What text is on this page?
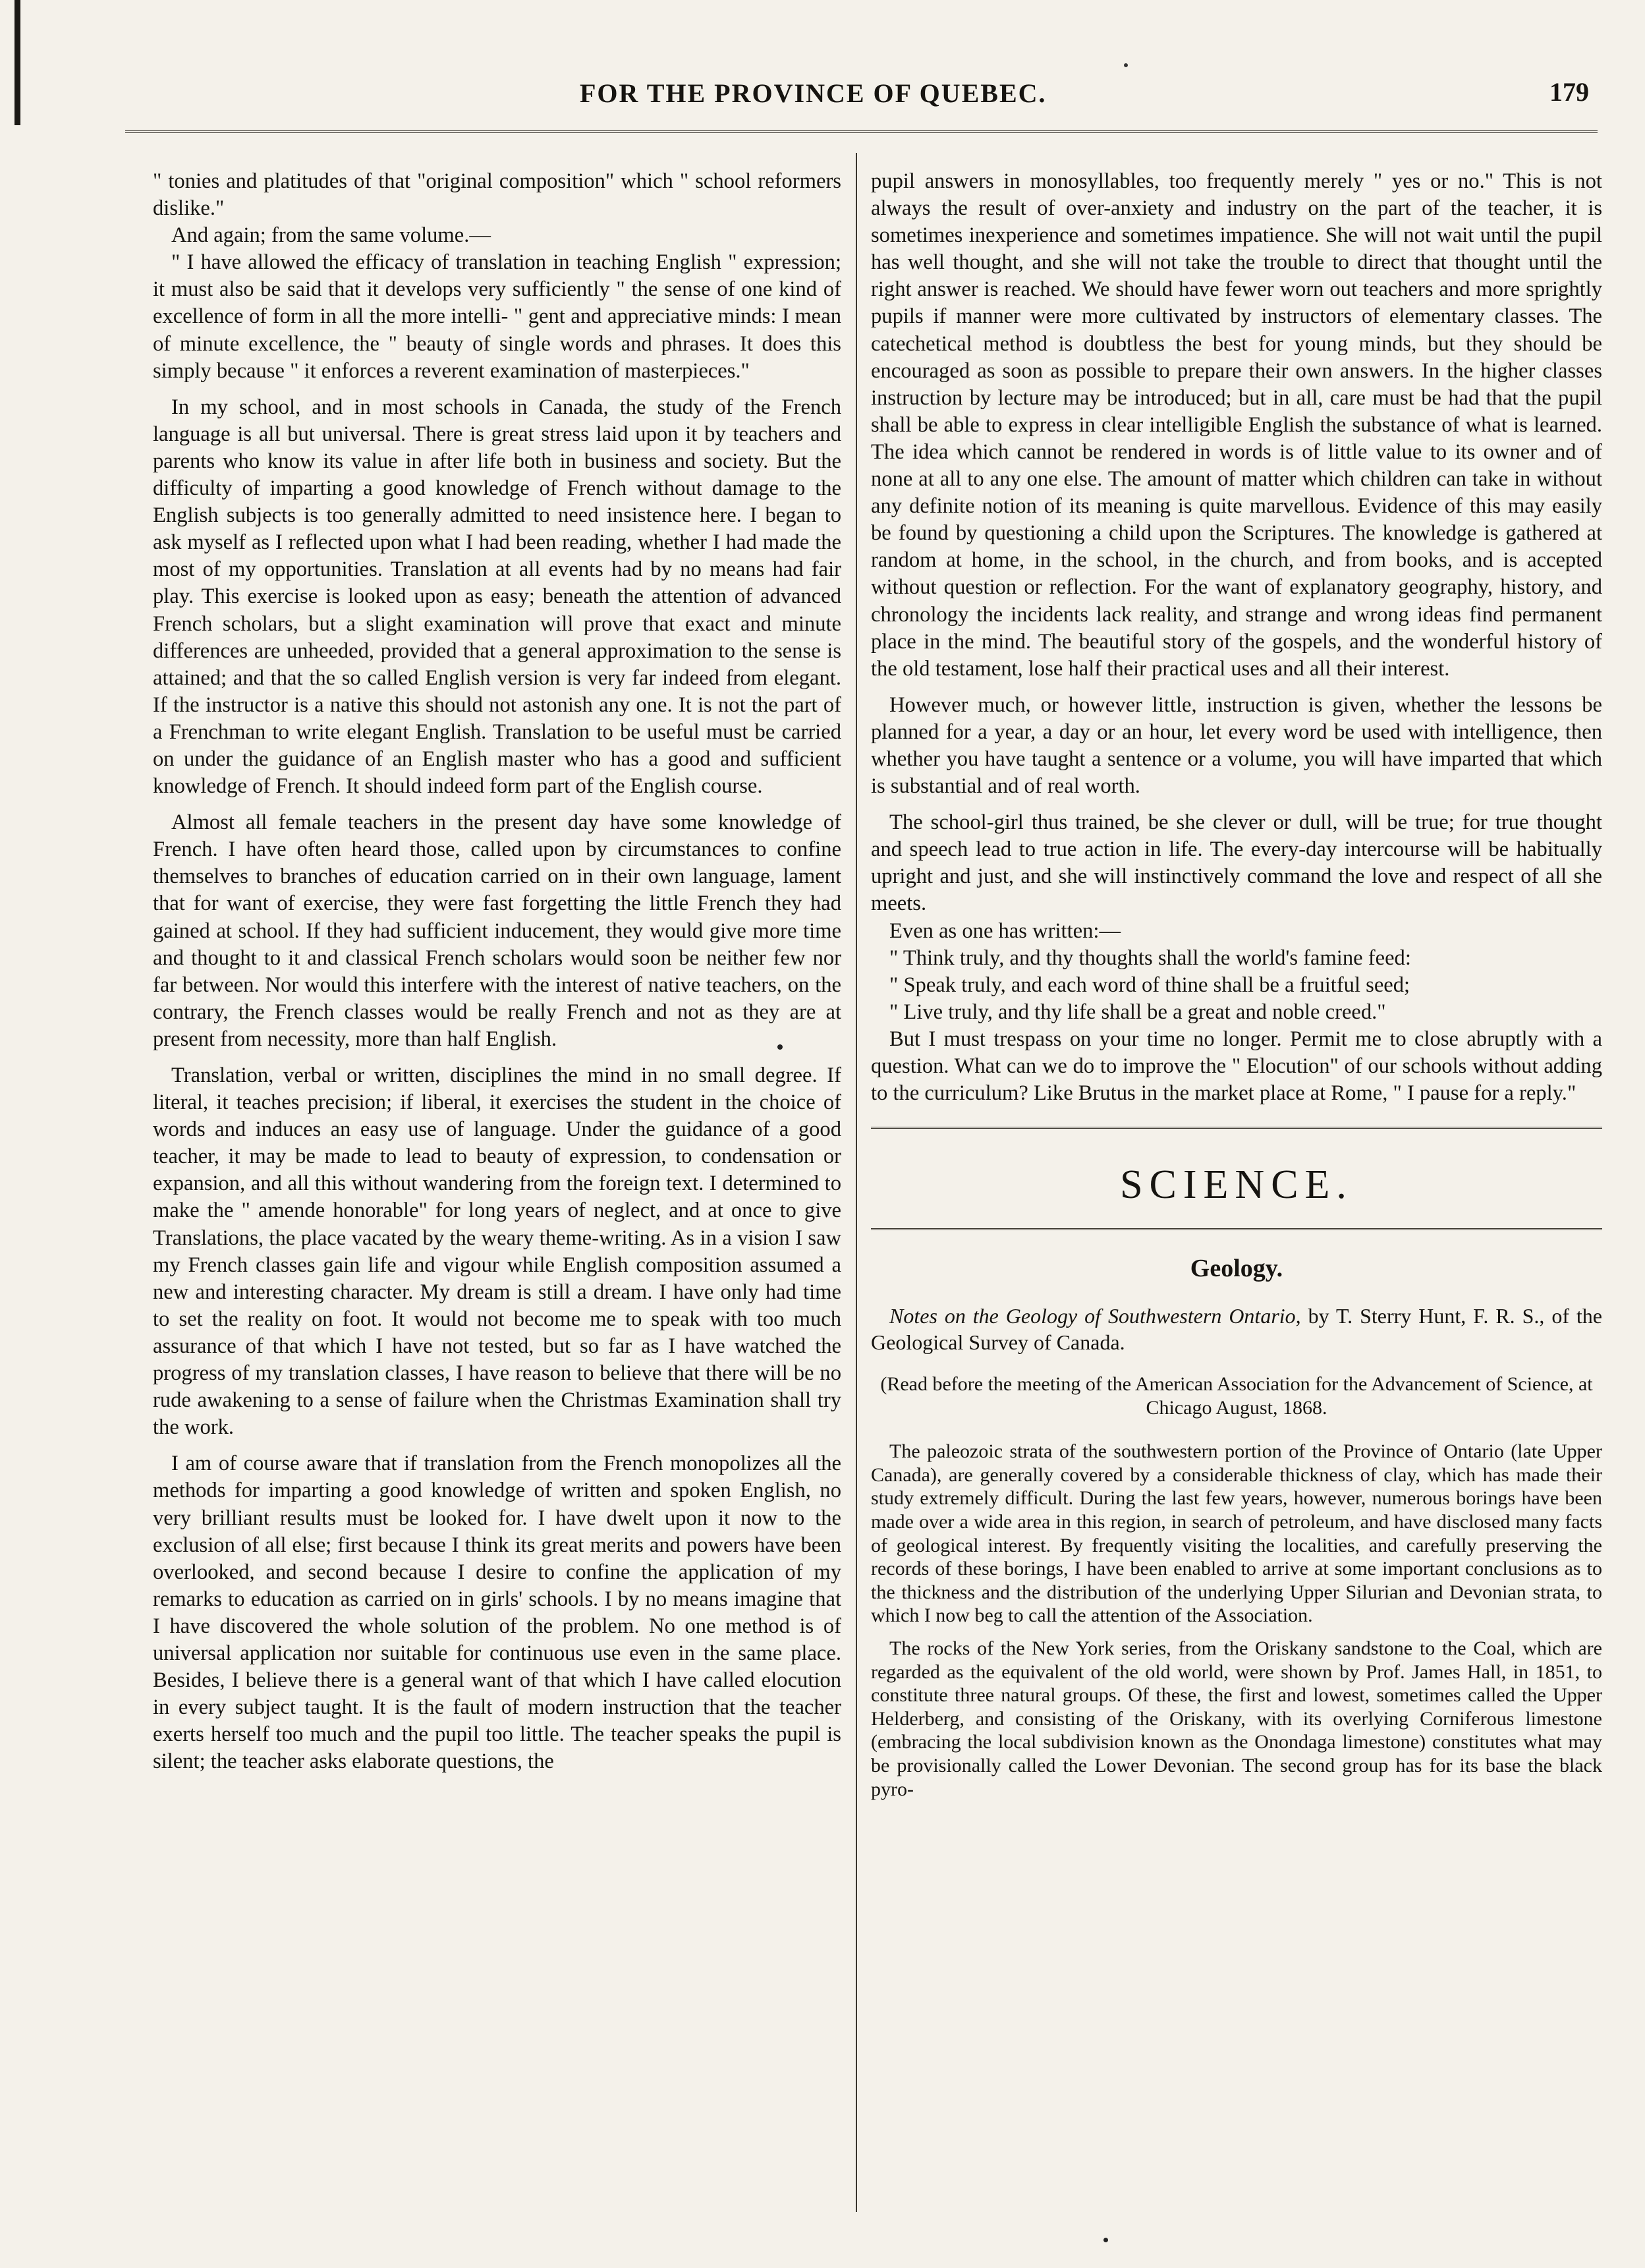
FOR THE PROVINCE OF QUEBEC.	179

" tonies and platitudes of that "original composition" which " school reformers dislike."

And again; from the same volume.—

" I have allowed the efficacy of translation in teaching English " expression; it must also be said that it develops very sufficiently " the sense of one kind of excellence of form in all the more intelli- " gent and appreciative minds: I mean of minute excellence, the " beauty of single words and phrases. It does this simply because " it enforces a reverent examination of masterpieces."

In my school, and in most schools in Canada, the study of the French language is all but universal. There is great stress laid upon it by teachers and parents who know its value in after life both in business and society. But the difficulty of imparting a good knowledge of French without damage to the English subjects is too generally admitted to need insistence here. I began to ask myself as I reflected upon what I had been reading, whether I had made the most of my opportunities. Translation at all events had by no means had fair play. This exercise is looked upon as easy; beneath the attention of advanced French scholars, but a slight examination will prove that exact and minute differences are unheeded, provided that a general approximation to the sense is attained; and that the so called English version is very far indeed from elegant. If the instructor is a native this should not astonish any one. It is not the part of a Frenchman to write elegant English. Translation to be useful must be carried on under the guidance of an English master who has a good and sufficient knowledge of French. It should indeed form part of the English course.

Almost all female teachers in the present day have some knowledge of French. I have often heard those, called upon by circumstances to confine themselves to branches of education carried on in their own language, lament that for want of exercise, they were fast forgetting the little French they had gained at school. If they had sufficient inducement, they would give more time and thought to it and classical French scholars would soon be neither few nor far between. Nor would this interfere with the interest of native teachers, on the contrary, the French classes would be really French and not as they are at present from necessity, more than half English.

Translation, verbal or written, disciplines the mind in no small degree. If literal, it teaches precision; if liberal, it exercises the student in the choice of words and induces an easy use of language. Under the guidance of a good teacher, it may be made to lead to beauty of expression, to condensation or expansion, and all this without wandering from the foreign text. I determined to make the " amende honorable" for long years of neglect, and at once to give Translations, the place vacated by the weary theme-writing. As in a vision I saw my French classes gain life and vigour while English composition assumed a new and interesting character. My dream is still a dream. I have only had time to set the reality on foot. It would not become me to speak with too much assurance of that which I have not tested, but so far as I have watched the progress of my translation classes, I have reason to believe that there will be no rude awakening to a sense of failure when the Christmas Examination shall try the work.

I am of course aware that if translation from the French monopolizes all the methods for imparting a good knowledge of written and spoken English, no very brilliant results must be looked for. I have dwelt upon it now to the exclusion of all else; first because I think its great merits and powers have been overlooked, and second because I desire to confine the application of my remarks to education as carried on in girls' schools. I by no means imagine that I have discovered the whole solution of the problem. No one method is of universal application nor suitable for continuous use even in the same place. Besides, I believe there is a general want of that which I have called elocution in every subject taught. It is the fault of modern instruction that the teacher exerts herself too much and the pupil too little. The teacher speaks the pupil is silent; the teacher asks elaborate questions, the

pupil answers in monosyllables, too frequently merely " yes or no." This is not always the result of over-anxiety and industry on the part of the teacher, it is sometimes inexperience and sometimes impatience. She will not wait until the pupil has well thought, and she will not take the trouble to direct that thought until the right answer is reached. We should have fewer worn out teachers and more sprightly pupils if manner were more cultivated by instructors of elementary classes. The catechetical method is doubtless the best for young minds, but they should be encouraged as soon as possible to prepare their own answers. In the higher classes instruction by lecture may be introduced; but in all, care must be had that the pupil shall be able to express in clear intelligible English the substance of what is learned. The idea which cannot be rendered in words is of little value to its owner and of none at all to any one else. The amount of matter which children can take in without any definite notion of its meaning is quite marvellous. Evidence of this may easily be found by questioning a child upon the Scriptures. The knowledge is gathered at random at home, in the school, in the church, and from books, and is accepted without question or reflection. For the want of explanatory geography, history, and chronology the incidents lack reality, and strange and wrong ideas find permanent place in the mind. The beautiful story of the gospels, and the wonderful history of the old testament, lose half their practical uses and all their interest.

However much, or however little, instruction is given, whether the lessons be planned for a year, a day or an hour, let every word be used with intelligence, then whether you have taught a sentence or a volume, you will have imparted that which is substantial and of real worth.

The school-girl thus trained, be she clever or dull, will be true; for true thought and speech lead to true action in life. The every-day intercourse will be habitually upright and just, and she will instinctively command the love and respect of all she meets.

Even as one has written:—

" Think truly, and thy thoughts shall the world's famine feed:

" Speak truly, and each word of thine shall be a fruitful seed;

" Live truly, and thy life shall be a great and noble creed."

But I must trespass on your time no longer. Permit me to close abruptly with a question. What can we do to improve the " Elocution" of our schools without adding to the curriculum? Like Brutus in the market place at Rome, " I pause for a reply."

SCIENCE.
Geology.
Notes on the Geology of Southwestern Ontario, by T. Sterry Hunt, F. R. S., of the Geological Survey of Canada.
(Read before the meeting of the American Association for the Advancement of Science, at Chicago August, 1868.

The paleozoic strata of the southwestern portion of the Province of Ontario (late Upper Canada), are generally covered by a considerable thickness of clay, which has made their study extremely difficult. During the last few years, however, numerous borings have been made over a wide area in this region, in search of petroleum, and have disclosed many facts of geological interest. By frequently visiting the localities, and carefully preserving the records of these borings, I have been enabled to arrive at some important conclusions as to the thickness and the distribution of the underlying Upper Silurian and Devonian strata, to which I now beg to call the attention of the Association.

The rocks of the New York series, from the Oriskany sandstone to the Coal, which are regarded as the equivalent of the old world, were shown by Prof. James Hall, in 1851, to constitute three natural groups. Of these, the first and lowest, sometimes called the Upper Helderberg, and consisting of the Oriskany, with its overlying Corniferous limestone (embracing the local subdivision known as the Onondaga limestone) constitutes what may be provisionally called the Lower Devonian. The second group has for its base the black pyro-
